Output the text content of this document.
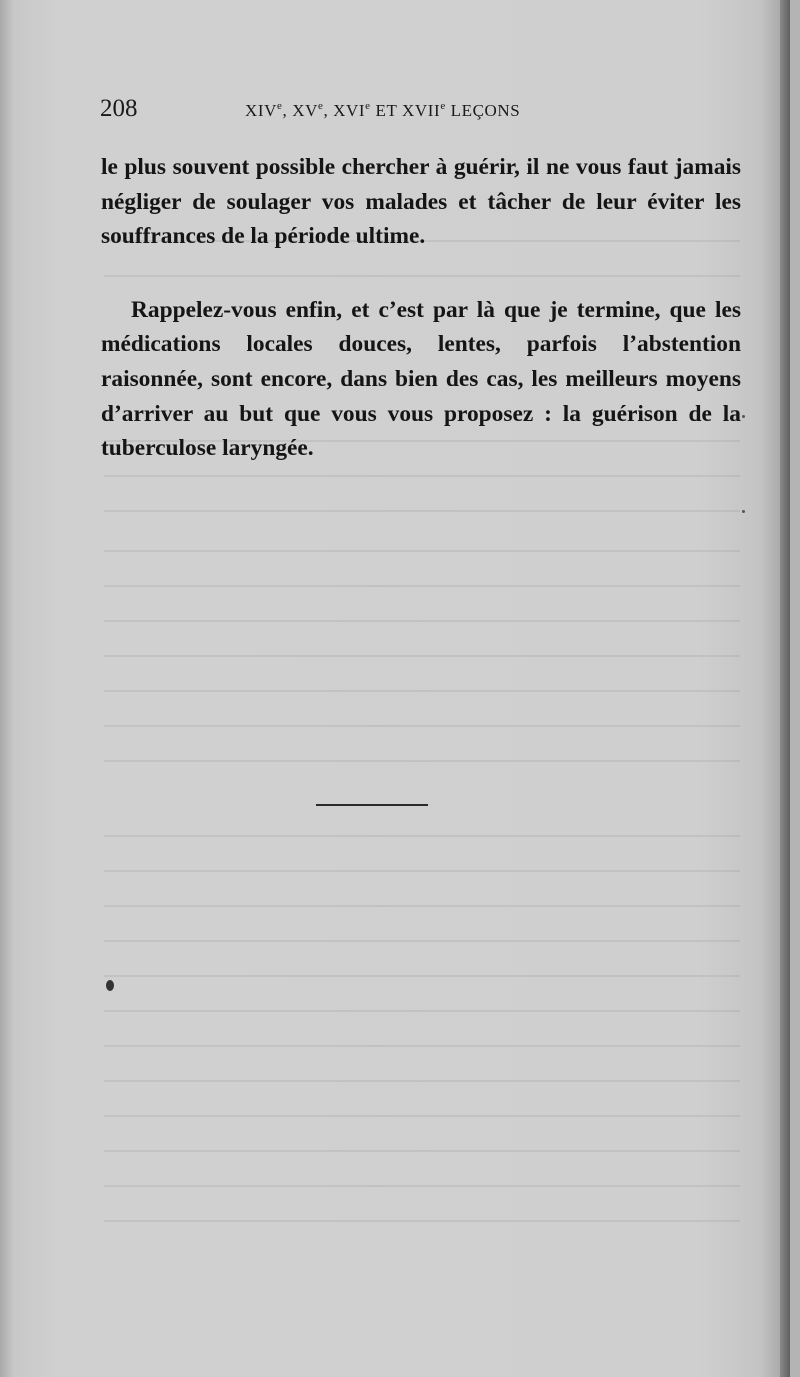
208	XIVe, XVe, XVIe ET XVIIe LEÇONS

le plus souvent possible chercher à guérir, il ne vous faut jamais négliger de soulager vos malades et tâcher de leur éviter les souffrances de la période ultime.

Rappelez-vous enfin, et c’est par là que je termine, que les médications locales douces, lentes, parfois l’abstention raisonnée, sont encore, dans bien des cas, les meilleurs moyens d’arriver au but que vous vous proposez : la guérison de la tuberculose laryngée.
